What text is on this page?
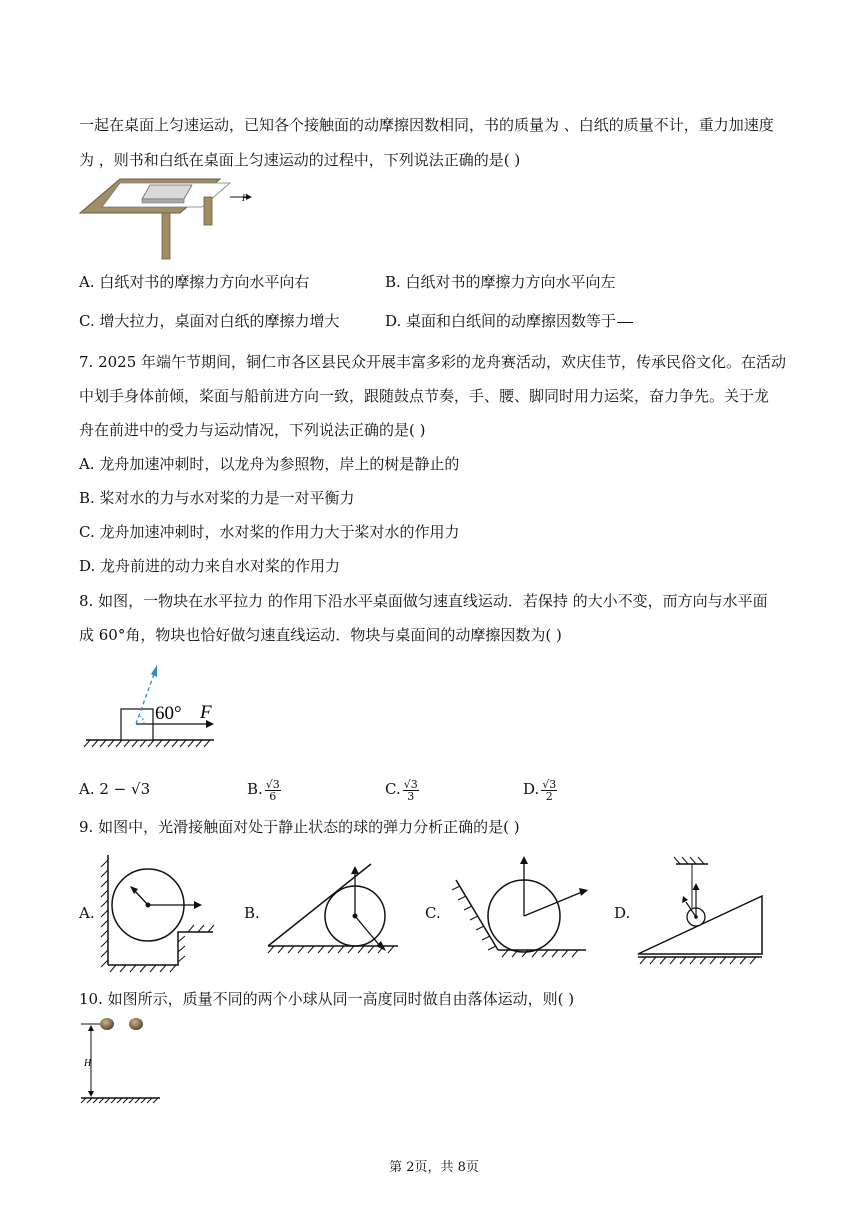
一起在桌面上匀速运动，已知各个接触面的动摩擦因数相同，书的质量为 、白纸的质量不计，重力加速度
为 ，则书和白纸在桌面上匀速运动的过程中，下列说法正确的是( )
F
A. 白纸对书的摩擦力方向水平向右	B. 白纸对书的摩擦力方向水平向左
C. 增大拉力，桌面对白纸的摩擦力增大	D. 桌面和白纸间的动摩擦因数等于
7. 2025 年端午节期间，铜仁市各区县民众开展丰富多彩的龙舟赛活动，欢庆佳节，传承民俗文化。在活动
中划手身体前倾，桨面与船前进方向一致，跟随鼓点节奏，手、腰、脚同时用力运桨，奋力争先。关于龙
舟在前进中的受力与运动情况，下列说法正确的是( )
A. 龙舟加速冲刺时，以龙舟为参照物，岸上的树是静止的
B. 桨对水的力与水对桨的力是一对平衡力
C. 龙舟加速冲刺时，水对桨的作用力大于桨对水的作用力
D. 龙舟前进的动力来自水对桨的作用力
8. 如图，一物块在水平拉力 的作用下沿水平桌面做匀速直线运动．若保持 的大小不变，而方向与水平面
成 60°角，物块也恰好做匀速直线运动．物块与桌面间的动摩擦因数为( )
60° F
A. 2 − √3	B. $\frac{√3}{6}$	C. $\frac{√3}{3}$	D. $\frac{√3}{2}$
9. 如图中，光滑接触面对处于静止状态的球的弹力分析正确的是( )
A.	B.	C.	D.
10. 如图所示，质量不同的两个小球从同一高度同时做自由落体运动，则( )
H
第 2页，共 8页
